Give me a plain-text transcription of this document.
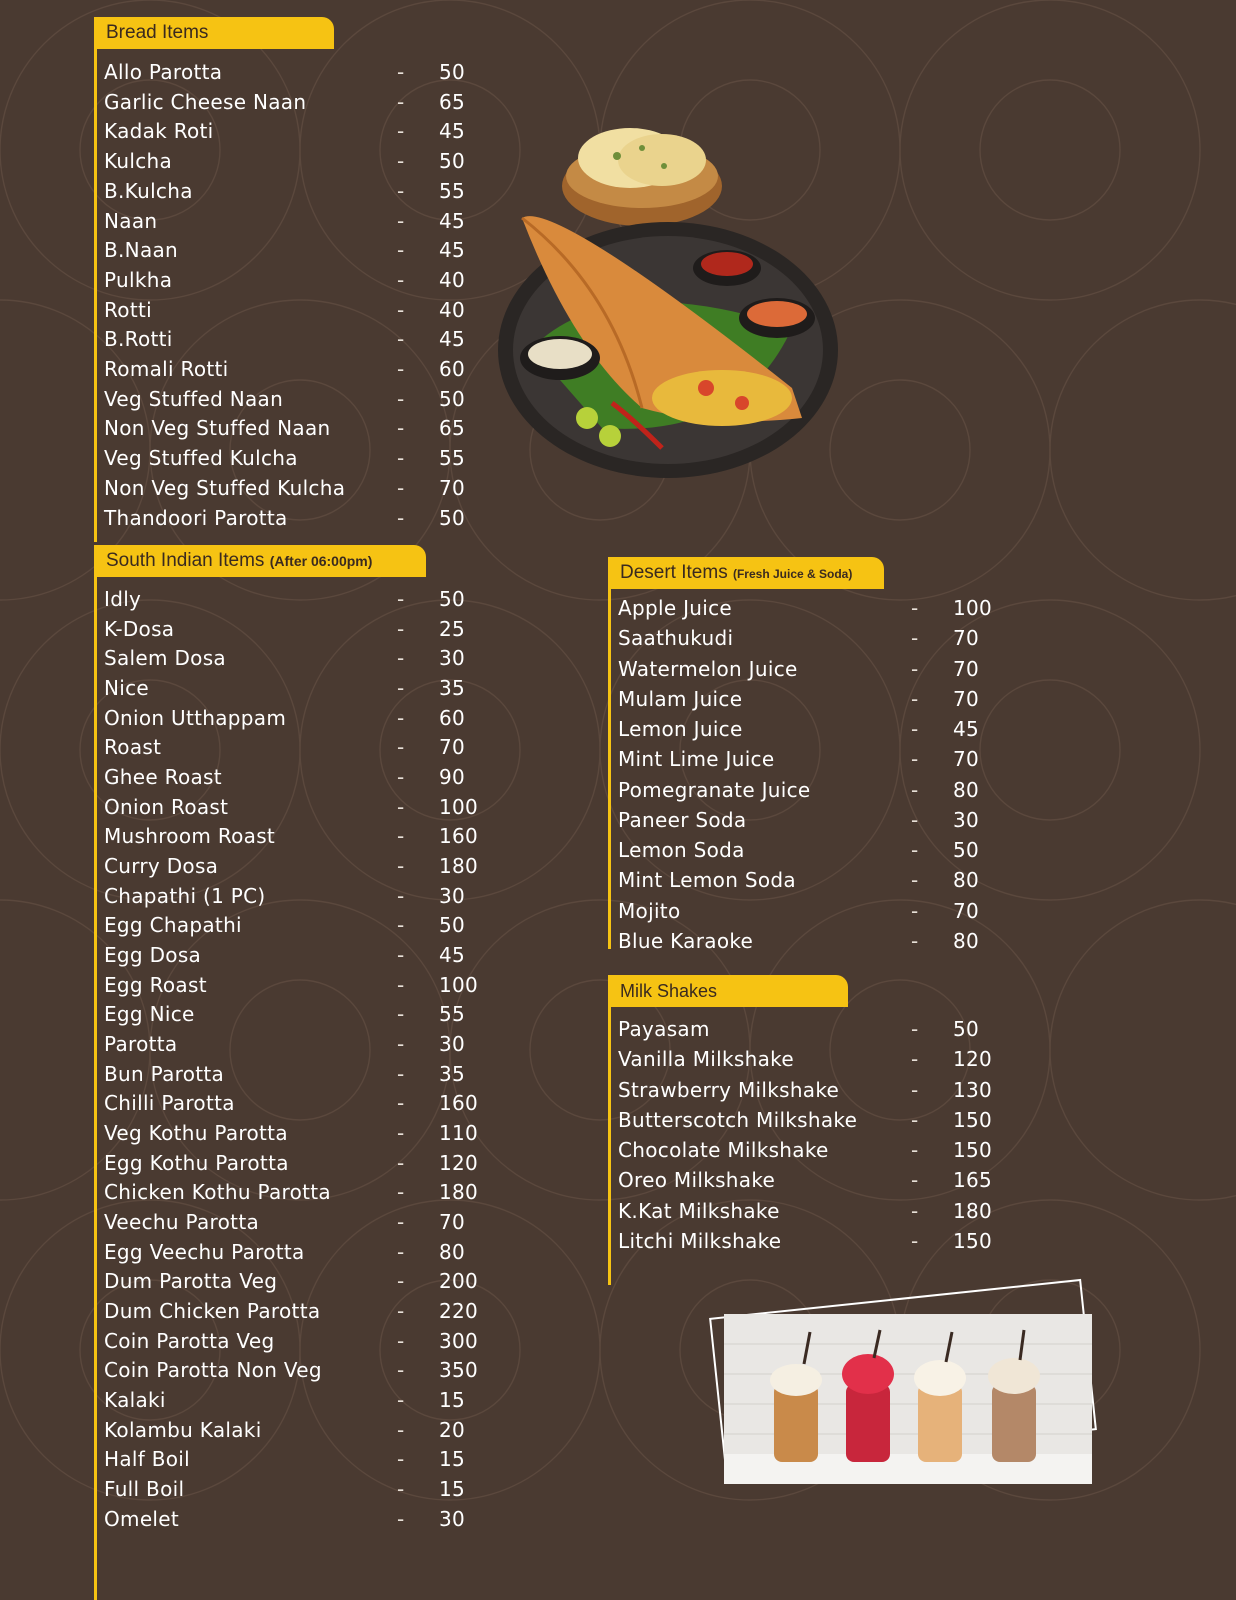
Bread Items
Allo Parotta	- 50
Garlic Cheese Naan	- 65
Kadak Roti	- 45
Kulcha	- 50
B.Kulcha	- 55
Naan	- 45
B.Naan	- 45
Pulkha	- 40
Rotti	- 40
B.Rotti	- 45
Romali Rotti	- 60
Veg Stuffed Naan	- 50
Non Veg Stuffed Naan	- 65
Veg Stuffed Kulcha	- 55
Non Veg Stuffed Kulcha	- 70
Thandoori Parotta	- 50
South Indian Items (After 06:00pm)
Idly	- 50
K-Dosa	- 25
Salem Dosa	- 30
Nice	- 35
Onion Utthappam	- 60
Roast	- 70
Ghee Roast	- 90
Onion Roast	- 100
Mushroom Roast	- 160
Curry Dosa	- 180
Chapathi (1 PC)	- 30
Egg Chapathi	- 50
Egg Dosa	- 45
Egg Roast	- 100
Egg Nice	- 55
Parotta	- 30
Bun Parotta	- 35
Chilli Parotta	- 160
Veg Kothu Parotta	- 110
Egg Kothu Parotta	- 120
Chicken Kothu Parotta	- 180
Veechu Parotta	- 70
Egg Veechu Parotta	- 80
Dum Parotta Veg	- 200
Dum Chicken Parotta	- 220
Coin Parotta Veg	- 300
Coin Parotta Non Veg	- 350
Kalaki	- 15
Kolambu Kalaki	- 20
Half Boil	- 15
Full Boil	- 15
Omelet	- 30
Desert Items (Fresh Juice & Soda)
Apple Juice	- 100
Saathukudi	- 70
Watermelon Juice	- 70
Mulam Juice	- 70
Lemon Juice	- 45
Mint Lime Juice	- 70
Pomegranate Juice	- 80
Paneer Soda	- 30
Lemon Soda	- 50
Mint Lemon Soda	- 80
Mojito	- 70
Blue Karaoke	- 80
Milk Shakes
Payasam	- 50
Vanilla Milkshake	- 120
Strawberry Milkshake	- 130
Butterscotch Milkshake	- 150
Chocolate Milkshake	- 150
Oreo Milkshake	- 165
K.Kat Milkshake	- 180
Litchi Milkshake	- 150
